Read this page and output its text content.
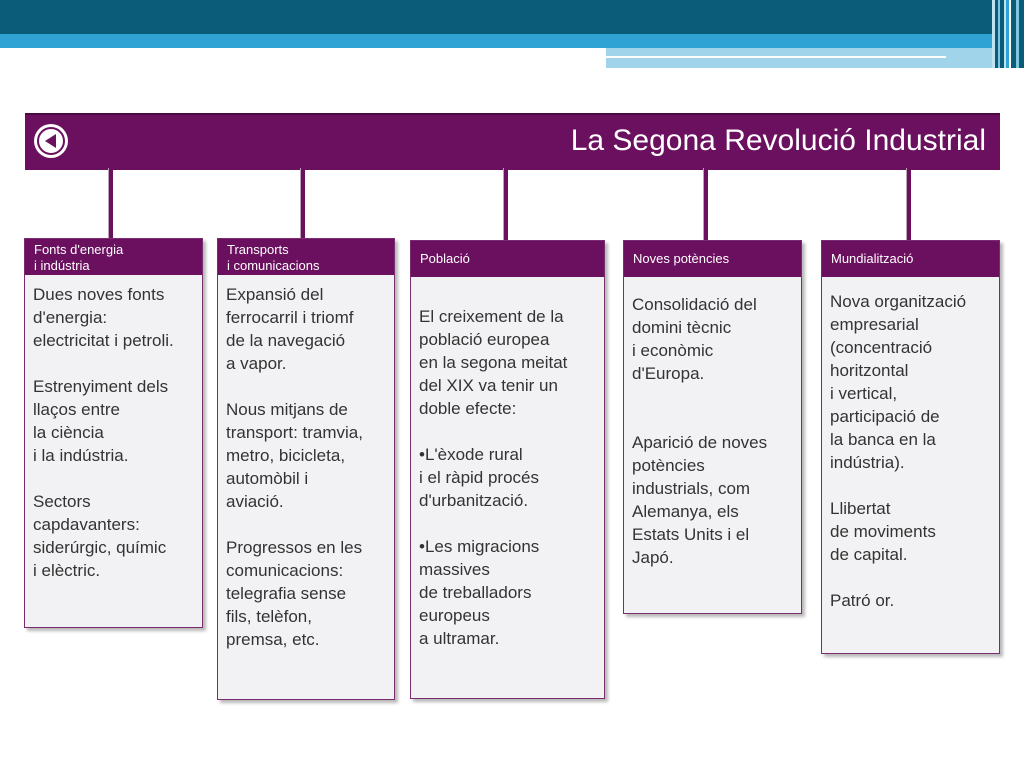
La Segona Revolució Industrial
Fonts d'energia
i indústria
Dues noves fonts
d'energia:
electricitat i petroli.
Estrenyiment dels
llaços entre
la ciència
i la indústria.
Sectors
capdavanters:
siderúrgic, químic
i elèctric.
Transports
i comunicacions
Expansió del
ferrocarril i triomf
de la navegació
a vapor.
Nous mitjans de
transport: tramvia,
metro, bicicleta,
automòbil i
aviació.
Progressos en les
comunicacions:
telegrafia sense
fils, telèfon,
premsa, etc.
Població
El creixement de la
població europea
en la segona meitat
del XIX va tenir un
doble efecte:
•L'èxode rural
i el ràpid procés
d'urbanització.
•Les migracions
massives
de treballadors
europeus
a ultramar.
Noves potències
Consolidació del
domini tècnic
i econòmic
d'Europa.
Aparició de noves
potències
industrials, com
Alemanya, els
Estats Units i el
Japó.
Mundialització
Nova organització
empresarial
(concentració
horitzontal
i vertical,
participació de
la banca en la
indústria).
Llibertat
de moviments
de capital.
Patró or.
